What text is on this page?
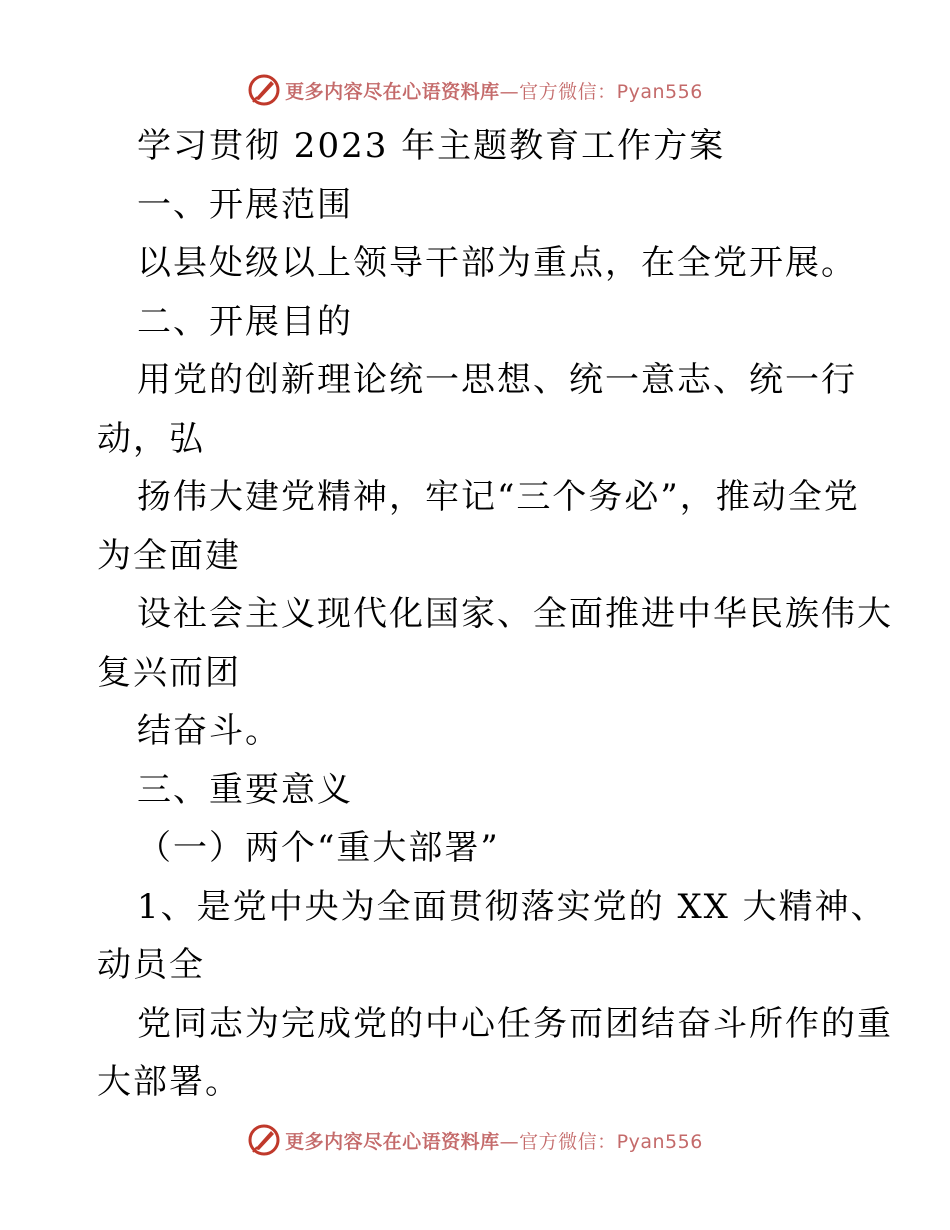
更多内容尽在心语资料库—官方微信：Pyan556
学习贯彻 2023 年主题教育工作方案
一、开展范围
以县处级以上领导干部为重点，在全党开展。
二、开展目的
用党的创新理论统一思想、统一意志、统一行
动，弘
扬伟大建党精神，牢记“三个务必”，推动全党
为全面建
设社会主义现代化国家、全面推进中华民族伟大
复兴而团
结奋斗。
三、重要意义
（一）两个“重大部署”
1、是党中央为全面贯彻落实党的 XX 大精神、
动员全
党同志为完成党的中心任务而团结奋斗所作的重
大部署。
更多内容尽在心语资料库—官方微信：Pyan556
